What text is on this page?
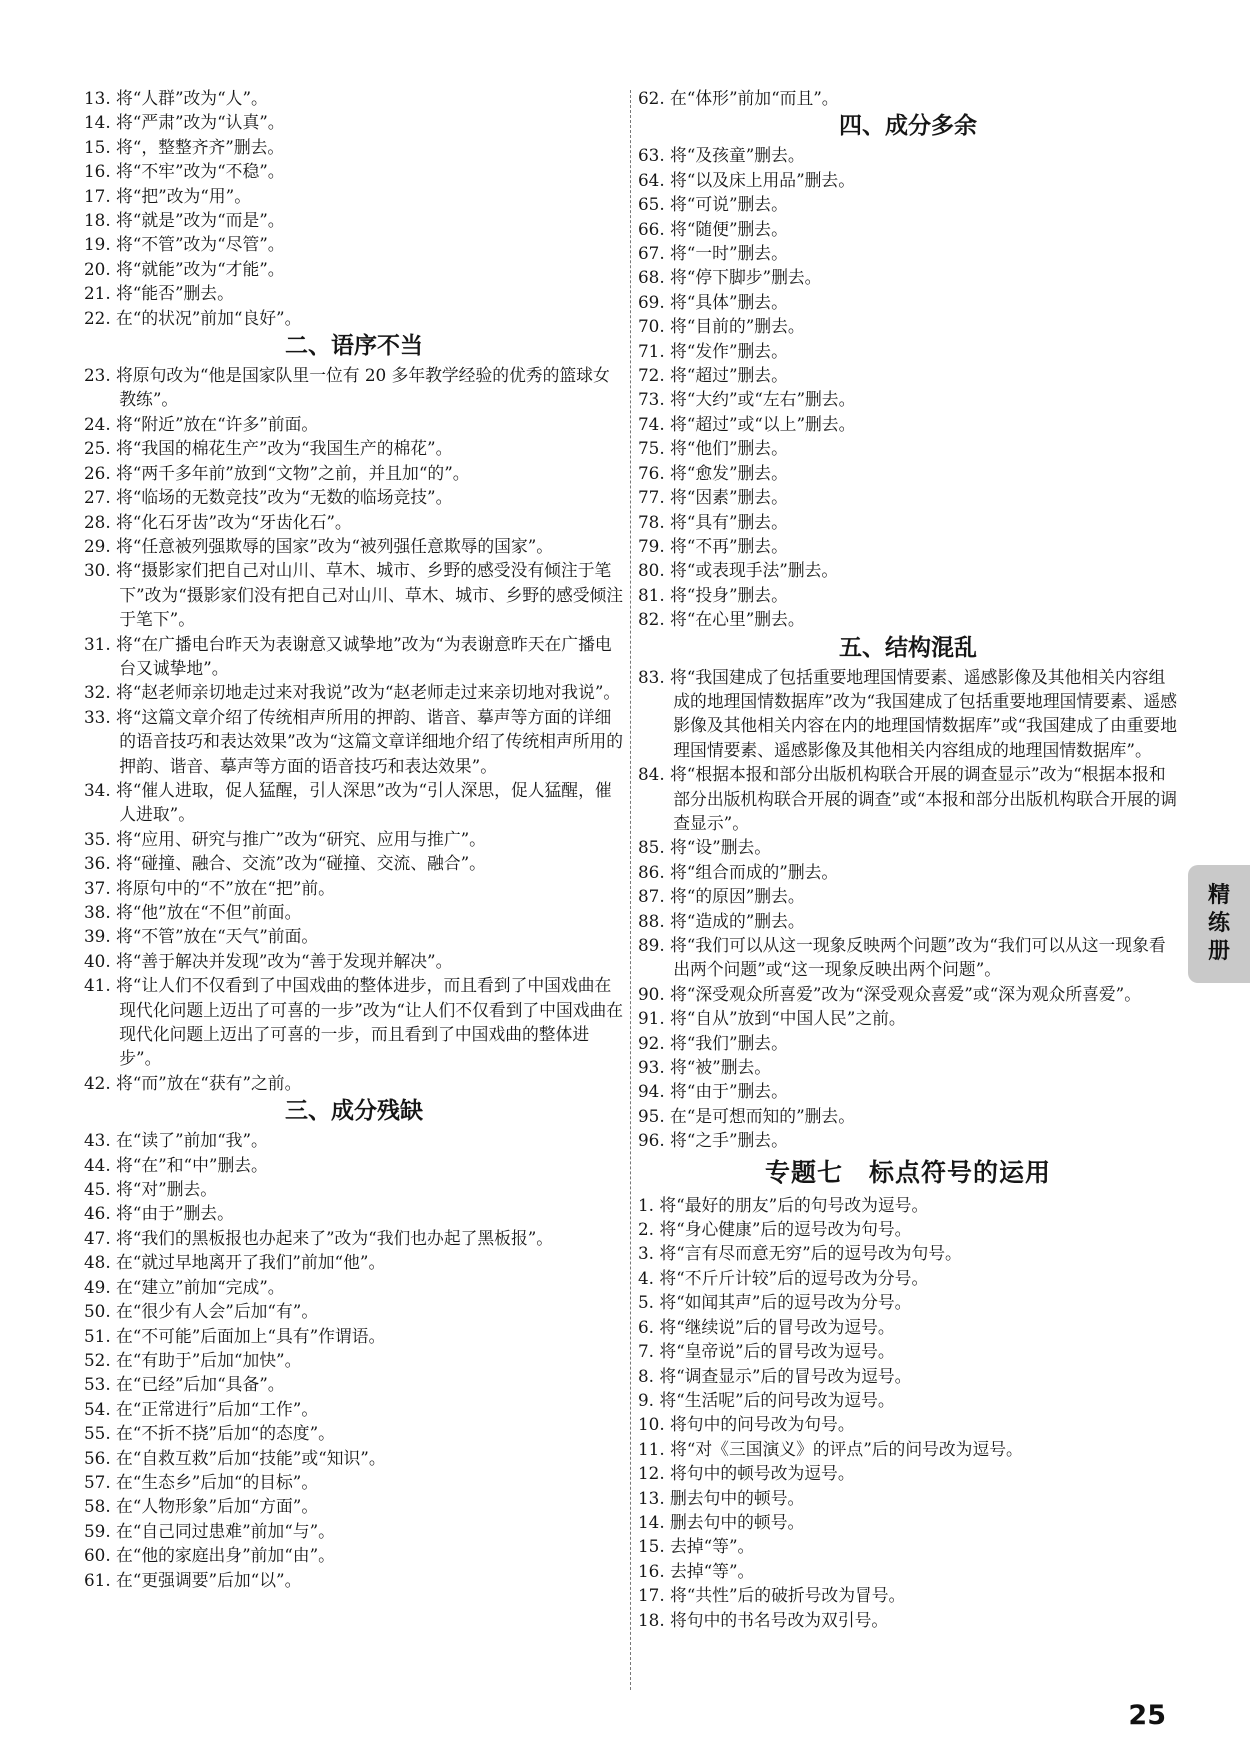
13. 将“人群”改为“人”。
14. 将“严肃”改为“认真”。
15. 将“，整整齐齐”删去。
16. 将“不牢”改为“不稳”。
17. 将“把”改为“用”。
18. 将“就是”改为“而是”。
19. 将“不管”改为“尽管”。
20. 将“就能”改为“才能”。
21. 将“能否”删去。
22. 在“的状况”前加“良好”。
二、语序不当
23. 将原句改为“他是国家队里一位有 20 多年教学经验的优秀的篮球女教练”。
24. 将“附近”放在“许多”前面。
25. 将“我国的棉花生产”改为“我国生产的棉花”。
26. 将“两千多年前”放到“文物”之前，并且加“的”。
27. 将“临场的无数竞技”改为“无数的临场竞技”。
28. 将“化石牙齿”改为“牙齿化石”。
29. 将“任意被列强欺辱的国家”改为“被列强任意欺辱的国家”。
30. 将“摄影家们把自己对山川、草木、城市、乡野的感受没有倾注于笔下”改为“摄影家们没有把自己对山川、草木、城市、乡野的感受倾注于笔下”。
31. 将“在广播电台昨天为表谢意又诚挚地”改为“为表谢意昨天在广播电台又诚挚地”。
32. 将“赵老师亲切地走过来对我说”改为“赵老师走过来亲切地对我说”。
33. 将“这篇文章介绍了传统相声所用的押韵、谐音、摹声等方面的详细的语音技巧和表达效果”改为“这篇文章详细地介绍了传统相声所用的押韵、谐音、摹声等方面的语音技巧和表达效果”。
34. 将“催人进取，促人猛醒，引人深思”改为“引人深思，促人猛醒，催人进取”。
35. 将“应用、研究与推广”改为“研究、应用与推广”。
36. 将“碰撞、融合、交流”改为“碰撞、交流、融合”。
37. 将原句中的“不”放在“把”前。
38. 将“他”放在“不但”前面。
39. 将“不管”放在“天气”前面。
40. 将“善于解决并发现”改为“善于发现并解决”。
41. 将“让人们不仅看到了中国戏曲的整体进步，而且看到了中国戏曲在现代化问题上迈出了可喜的一步”改为“让人们不仅看到了中国戏曲在现代化问题上迈出了可喜的一步，而且看到了中国戏曲的整体进步”。
42. 将“而”放在“获有”之前。
三、成分残缺
43. 在“读了”前加“我”。
44. 将“在”和“中”删去。
45. 将“对”删去。
46. 将“由于”删去。
47. 将“我们的黑板报也办起来了”改为“我们也办起了黑板报”。
48. 在“就过早地离开了我们”前加“他”。
49. 在“建立”前加“完成”。
50. 在“很少有人会”后加“有”。
51. 在“不可能”后面加上“具有”作谓语。
52. 在“有助于”后加“加快”。
53. 在“已经”后加“具备”。
54. 在“正常进行”后加“工作”。
55. 在“不折不挠”后加“的态度”。
56. 在“自救互救”后加“技能”或“知识”。
57. 在“生态乡”后加“的目标”。
58. 在“人物形象”后加“方面”。
59. 在“自己同过患难”前加“与”。
60. 在“他的家庭出身”前加“由”。
61. 在“更强调要”后加“以”。
62. 在“体形”前加“而且”。
四、成分多余
63. 将“及孩童”删去。
64. 将“以及床上用品”删去。
65. 将“可说”删去。
66. 将“随便”删去。
67. 将“一时”删去。
68. 将“停下脚步”删去。
69. 将“具体”删去。
70. 将“目前的”删去。
71. 将“发作”删去。
72. 将“超过”删去。
73. 将“大约”或“左右”删去。
74. 将“超过”或“以上”删去。
75. 将“他们”删去。
76. 将“愈发”删去。
77. 将“因素”删去。
78. 将“具有”删去。
79. 将“不再”删去。
80. 将“或表现手法”删去。
81. 将“投身”删去。
82. 将“在心里”删去。
五、结构混乱
83. 将“我国建成了包括重要地理国情要素、遥感影像及其他相关内容组成的地理国情数据库”改为“我国建成了包括重要地理国情要素、遥感影像及其他相关内容在内的地理国情数据库”或“我国建成了由重要地理国情要素、遥感影像及其他相关内容组成的地理国情数据库”。
84. 将“根据本报和部分出版机构联合开展的调查显示”改为“根据本报和部分出版机构联合开展的调查”或“本报和部分出版机构联合开展的调查显示”。
85. 将“设”删去。
86. 将“组合而成的”删去。
87. 将“的原因”删去。
88. 将“造成的”删去。
89. 将“我们可以从这一现象反映两个问题”改为“我们可以从这一现象看出两个问题”或“这一现象反映出两个问题”。
90. 将“深受观众所喜爱”改为“深受观众喜爱”或“深为观众所喜爱”。
91. 将“自从”放到“中国人民”之前。
92. 将“我们”删去。
93. 将“被”删去。
94. 将“由于”删去。
95. 在“是可想而知的”删去。
96. 将“之手”删去。
专题七　标点符号的运用
1. 将“最好的朋友”后的句号改为逗号。
2. 将“身心健康”后的逗号改为句号。
3. 将“言有尽而意无穷”后的逗号改为句号。
4. 将“不斤斤计较”后的逗号改为分号。
5. 将“如闻其声”后的逗号改为分号。
6. 将“继续说”后的冒号改为逗号。
7. 将“皇帝说”后的冒号改为逗号。
8. 将“调查显示”后的冒号改为逗号。
9. 将“生活呢”后的问号改为逗号。
10. 将句中的问号改为句号。
11. 将“对《三国演义》的评点”后的问号改为逗号。
12. 将句中的顿号改为逗号。
13. 删去句中的顿号。
14. 删去句中的顿号。
15. 去掉“等”。
16. 去掉“等”。
17. 将“共性”后的破折号改为冒号。
18. 将句中的书名号改为双引号。
精
练
册
25
